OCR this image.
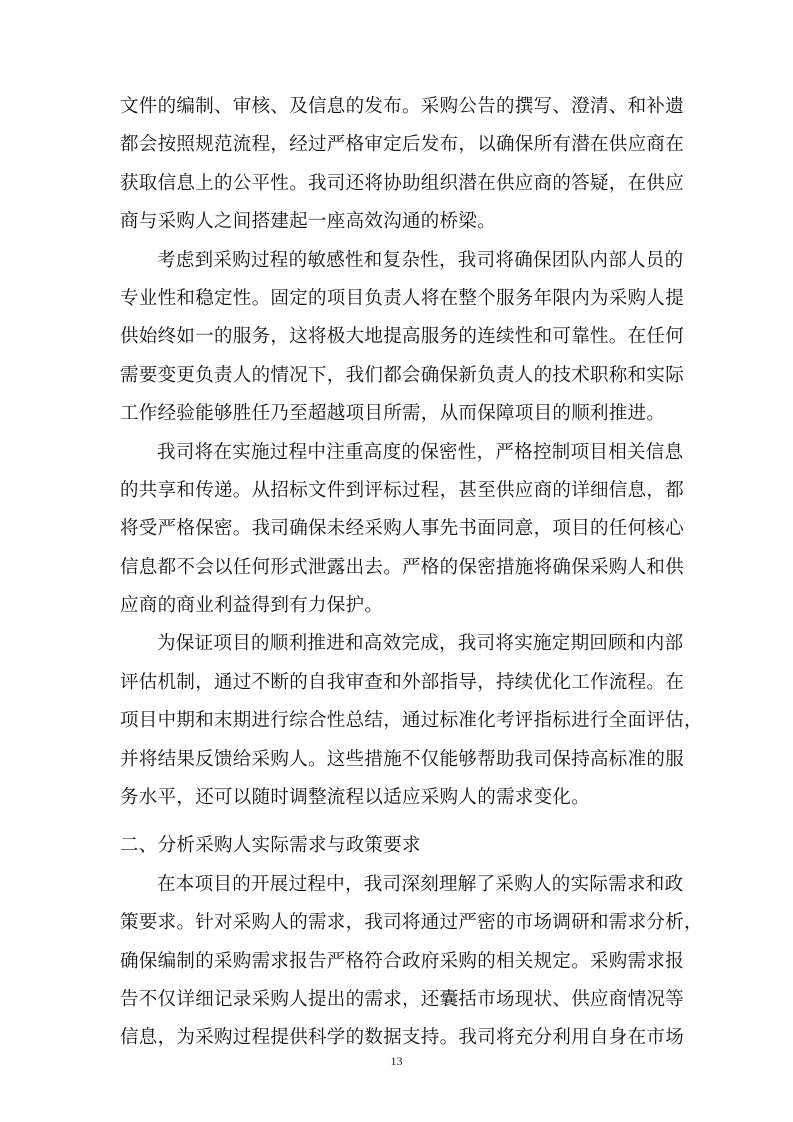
文件的编制、审核、及信息的发布。采购公告的撰写、澄清、和补遗
都会按照规范流程，经过严格审定后发布，以确保所有潜在供应商在
获取信息上的公平性。我司还将协助组织潜在供应商的答疑，在供应
商与采购人之间搭建起一座高效沟通的桥梁。
考虑到采购过程的敏感性和复杂性，我司将确保团队内部人员的
专业性和稳定性。固定的项目负责人将在整个服务年限内为采购人提
供始终如一的服务，这将极大地提高服务的连续性和可靠性。在任何
需要变更负责人的情况下，我们都会确保新负责人的技术职称和实际
工作经验能够胜任乃至超越项目所需，从而保障项目的顺利推进。
我司将在实施过程中注重高度的保密性，严格控制项目相关信息
的共享和传递。从招标文件到评标过程，甚至供应商的详细信息，都
将受严格保密。我司确保未经采购人事先书面同意，项目的任何核心
信息都不会以任何形式泄露出去。严格的保密措施将确保采购人和供
应商的商业利益得到有力保护。
为保证项目的顺利推进和高效完成，我司将实施定期回顾和内部
评估机制，通过不断的自我审查和外部指导，持续优化工作流程。在
项目中期和末期进行综合性总结，通过标准化考评指标进行全面评估，
并将结果反馈给采购人。这些措施不仅能够帮助我司保持高标准的服
务水平，还可以随时调整流程以适应采购人的需求变化。
二、分析采购人实际需求与政策要求
在本项目的开展过程中，我司深刻理解了采购人的实际需求和政
策要求。针对采购人的需求，我司将通过严密的市场调研和需求分析，
确保编制的采购需求报告严格符合政府采购的相关规定。采购需求报
告不仅详细记录采购人提出的需求，还囊括市场现状、供应商情况等
信息，为采购过程提供科学的数据支持。我司将充分利用自身在市场
13
